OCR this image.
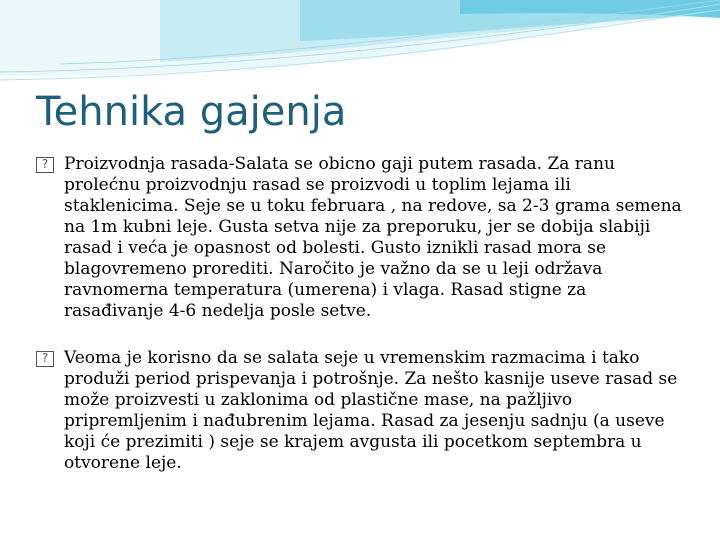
Tehnika gajenja

? Proizvodnja rasada-Salata se obicno gaji putem rasada. Za ranu prolećnu proizvodnju rasad se proizvodi u toplim lejama ili staklenicima. Seje se u toku februara , na redove, sa 2-3 grama semena na 1m kubni leje. Gusta setva nije za preporuku, jer se dobija slabiji rasad i veća je opasnost od bolesti. Gusto iznikli rasad mora se blagovremeno prorediti. Naročito je važno da se u leji održava ravnomerna temperatura (umerena) i vlaga. Rasad stigne za rasađivanje 4-6 nedelja posle setve.

? Veoma je korisno da se salata seje u vremenskim razmacima i tako produži period prispevanja i potrošnje. Za nešto kasnije useve rasad se može proizvesti u zaklonima od plastične mase, na pažljivo pripremljenim i nađubrenim lejama. Rasad za jesenju sadnju (a useve koji će prezimiti ) seje se krajem avgusta ili pocetkom septembra u otvorene leje.
